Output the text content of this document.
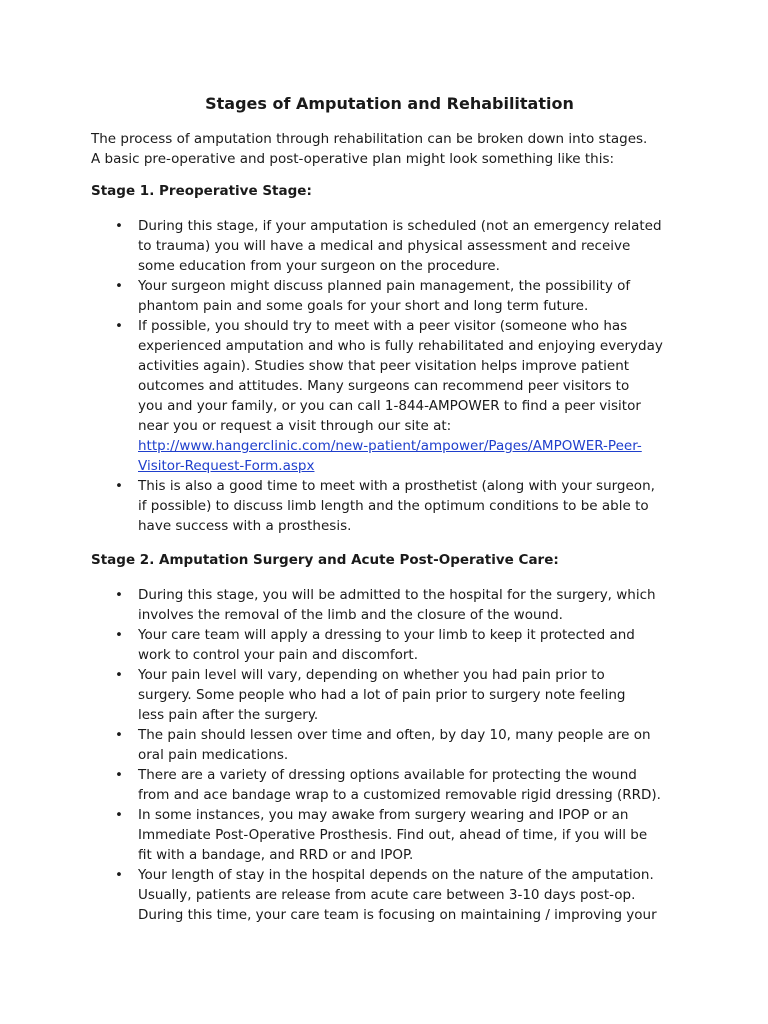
Stages of Amputation and Rehabilitation

The process of amputation through rehabilitation can be broken down into stages.
A basic pre-operative and post-operative plan might look something like this:

Stage 1. Preoperative Stage:
• During this stage, if your amputation is scheduled (not an emergency related
to trauma) you will have a medical and physical assessment and receive
some education from your surgeon on the procedure.
• Your surgeon might discuss planned pain management, the possibility of
phantom pain and some goals for your short and long term future.
• If possible, you should try to meet with a peer visitor (someone who has
experienced amputation and who is fully rehabilitated and enjoying everyday
activities again). Studies show that peer visitation helps improve patient
outcomes and attitudes. Many surgeons can recommend peer visitors to
you and your family, or you can call 1-844-AMPOWER to find a peer visitor
near you or request a visit through our site at:
http://www.hangerclinic.com/new-patient/ampower/Pages/AMPOWER-Peer-
Visitor-Request-Form.aspx
• This is also a good time to meet with a prosthetist (along with your surgeon,
if possible) to discuss limb length and the optimum conditions to be able to
have success with a prosthesis.
Stage 2. Amputation Surgery and Acute Post-Operative Care:
• During this stage, you will be admitted to the hospital for the surgery, which
involves the removal of the limb and the closure of the wound.
• Your care team will apply a dressing to your limb to keep it protected and
work to control your pain and discomfort.
• Your pain level will vary, depending on whether you had pain prior to
surgery. Some people who had a lot of pain prior to surgery note feeling
less pain after the surgery.
• The pain should lessen over time and often, by day 10, many people are on
oral pain medications.
• There are a variety of dressing options available for protecting the wound
from and ace bandage wrap to a customized removable rigid dressing (RRD).
• In some instances, you may awake from surgery wearing and IPOP or an
Immediate Post-Operative Prosthesis. Find out, ahead of time, if you will be
fit with a bandage, and RRD or and IPOP.
• Your length of stay in the hospital depends on the nature of the amputation.
Usually, patients are release from acute care between 3-10 days post-op.
During this time, your care team is focusing on maintaining / improving your
